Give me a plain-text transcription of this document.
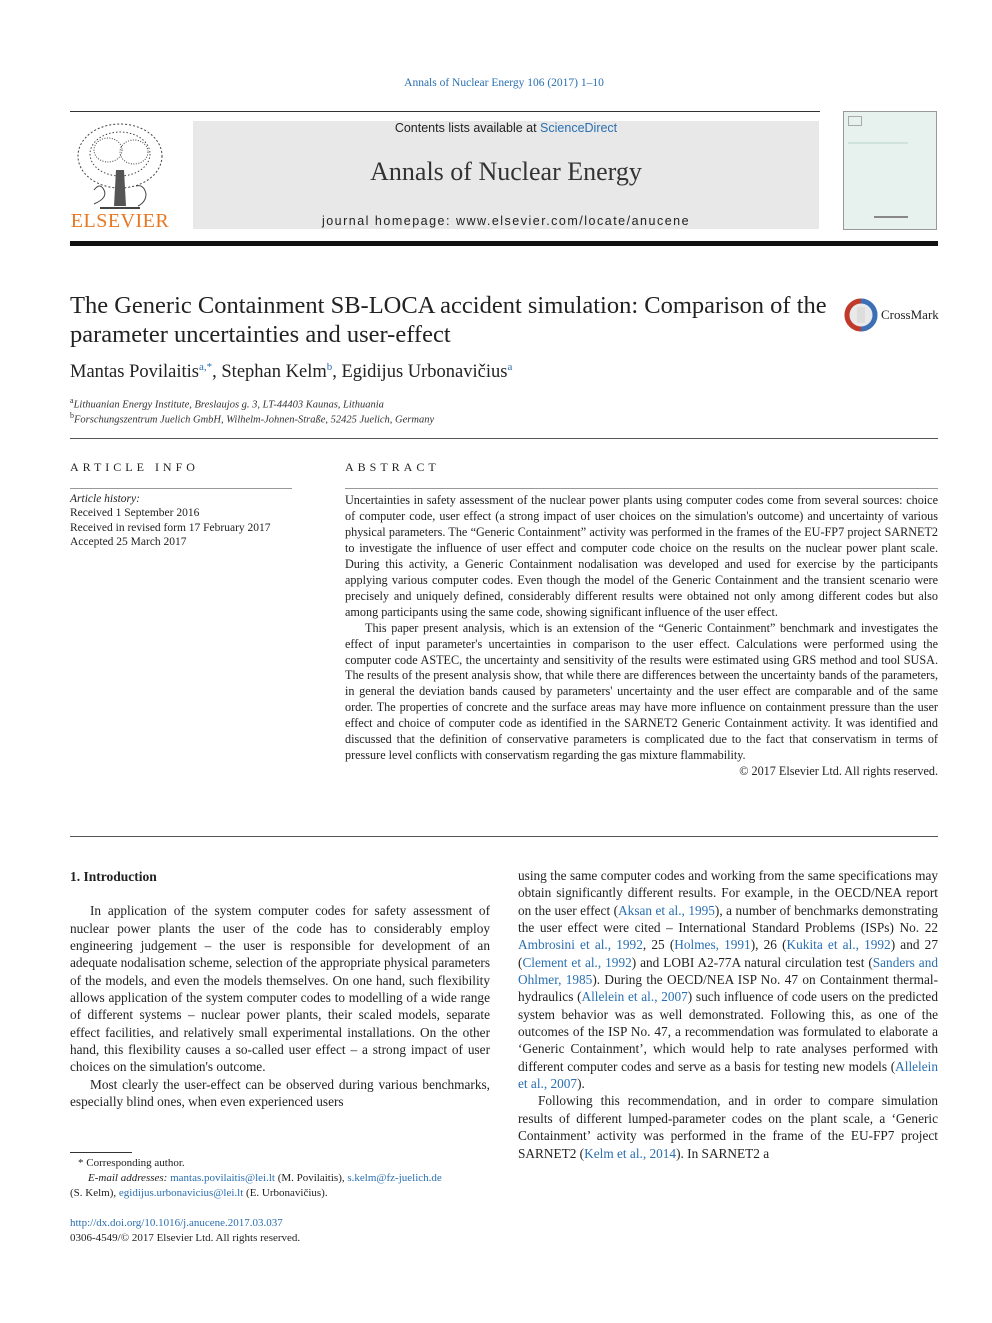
Annals of Nuclear Energy 106 (2017) 1–10
ELSEVIER
Contents lists available at ScienceDirect
Annals of Nuclear Energy
journal homepage: www.elsevier.com/locate/anucene
The Generic Containment SB-LOCA accident simulation: Comparison of the parameter uncertainties and user-effect
CrossMark
Mantas Povilaitis$^{a,*}$, Stephan Kelm$^b$, Egidijus Urbonavičius$^a$
$^a$Lithuanian Energy Institute, Breslaujos g. 3, LT-44403 Kaunas, Lithuania
$^b$Forschungszentrum Juelich GmbH, Wilhelm-Johnen-Straße, 52425 Juelich, Germany
ARTICLE INFO
Article history:
Received 1 September 2016
Received in revised form 17 February 2017
Accepted 25 March 2017
ABSTRACT

Uncertainties in safety assessment of the nuclear power plants using computer codes come from several sources: choice of computer code, user effect (a strong impact of user choices on the simulation's outcome) and uncertainty of various physical parameters. The “Generic Containment” activity was performed in the frames of the EU-FP7 project SARNET2 to investigate the influence of user effect and computer code choice on the results on the nuclear power plant scale. During this activity, a Generic Containment nodalisation was developed and used for exercise by the participants applying various computer codes. Even though the model of the Generic Containment and the transient scenario were precisely and uniquely defined, considerably different results were obtained not only among different codes but also among participants using the same code, showing significant influence of the user effect.

This paper present analysis, which is an extension of the “Generic Containment” benchmark and investigates the effect of input parameter's uncertainties in comparison to the user effect. Calculations were performed using the computer code ASTEC, the uncertainty and sensitivity of the results were estimated using GRS method and tool SUSA. The results of the present analysis show, that while there are differences between the uncertainty bands of the parameters, in general the deviation bands caused by parameters' uncertainty and the user effect are comparable and of the same order. The properties of concrete and the surface areas may have more influence on containment pressure than the user effect and choice of computer code as identified in the SARNET2 Generic Containment activity. It was identified and discussed that the definition of conservative parameters is complicated due to the fact that conservatism in terms of pressure level conflicts with conservatism regarding the gas mixture flammability.

© 2017 Elsevier Ltd. All rights reserved.
1. Introduction

In application of the system computer codes for safety assessment of nuclear power plants the user of the code has to considerably employ engineering judgement – the user is responsible for development of an adequate nodalisation scheme, selection of the appropriate physical parameters of the models, and even the models themselves. On one hand, such flexibility allows application of the system computer codes to modelling of a wide range of different systems – nuclear power plants, their scaled models, separate effect facilities, and relatively small experimental installations. On the other hand, this flexibility causes a so-called user effect – a strong impact of user choices on the simulation's outcome.

Most clearly the user-effect can be observed during various benchmarks, especially blind ones, when even experienced users

using the same computer codes and working from the same specifications may obtain significantly different results. For example, in the OECD/NEA report on the user effect (Aksan et al., 1995), a number of benchmarks demonstrating the user effect were cited – International Standard Problems (ISPs) No. 22 Ambrosini et al., 1992, 25 (Holmes, 1991), 26 (Kukita et al., 1992) and 27 (Clement et al., 1992) and LOBI A2-77A natural circulation test (Sanders and Ohlmer, 1985). During the OECD/NEA ISP No. 47 on Containment thermal-hydraulics (Allelein et al., 2007) such influence of code users on the predicted system behavior was as well demonstrated. Following this, as one of the outcomes of the ISP No. 47, a recommendation was formulated to elaborate a ‘Generic Containment’, which would help to rate analyses performed with different computer codes and serve as a basis for testing new models (Allelein et al., 2007).

Following this recommendation, and in order to compare simulation results of different lumped-parameter codes on the plant scale, a ‘Generic Containment’ activity was performed in the frame of the EU-FP7 project SARNET2 (Kelm et al., 2014). In SARNET2 a

* Corresponding author.
E-mail addresses: mantas.povilaitis@lei.lt (M. Povilaitis), s.kelm@fz-juelich.de
(S. Kelm), egidijus.urbonavicius@lei.lt (E. Urbonavičius).
http://dx.doi.org/10.1016/j.anucene.2017.03.037
0306-4549/© 2017 Elsevier Ltd. All rights reserved.
